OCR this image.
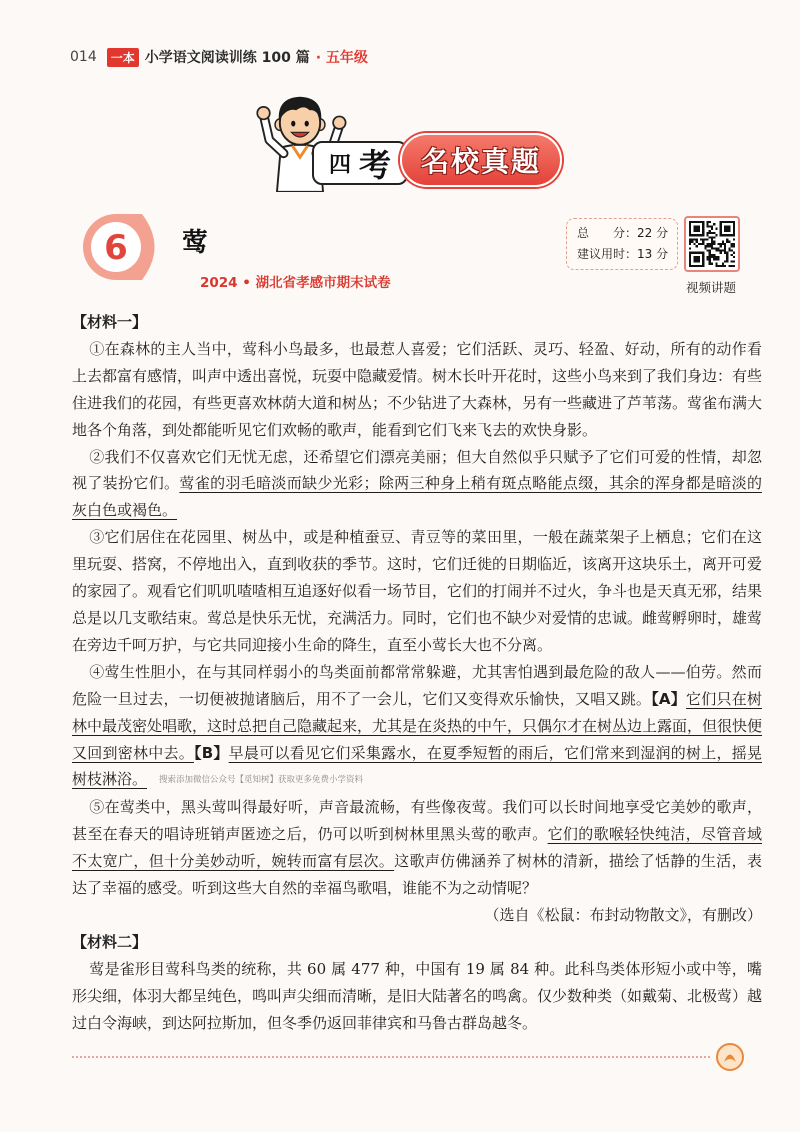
014	一本 小学语文阅读训练 100 篇 · 五年级
四 考	名校真题
6 莺
2024 • 湖北省孝感市期末试卷
总　　分：22 分
建议用时：13 分
视频讲题

【材料一】

①在森林的主人当中，莺科小鸟最多，也最惹人喜爱；它们活跃、灵巧、轻盈、好动，所有的动作看上去都富有感情，叫声中透出喜悦，玩耍中隐藏爱情。树木长叶开花时，这些小鸟来到了我们身边：有些住进我们的花园，有些更喜欢林荫大道和树丛；不少钻进了大森林，另有一些藏进了芦苇荡。莺雀布满大地各个角落，到处都能听见它们欢畅的歌声，能看到它们飞来飞去的欢快身影。

②我们不仅喜欢它们无忧无虑，还希望它们漂亮美丽；但大自然似乎只赋予了它们可爱的性情，却忽视了装扮它们。莺雀的羽毛暗淡而缺少光彩；除两三种身上稍有斑点略能点缀，其余的浑身都是暗淡的灰白色或褐色。

③它们居住在花园里、树丛中，或是种植蚕豆、青豆等的菜田里，一般在蔬菜架子上栖息；它们在这里玩耍、搭窝，不停地出入，直到收获的季节。这时，它们迁徙的日期临近，该离开这块乐土，离开可爱的家园了。观看它们叽叽喳喳相互追逐好似看一场节目，它们的打闹并不过火，争斗也是天真无邪，结果总是以几支歌结束。莺总是快乐无忧，充满活力。同时，它们也不缺少对爱情的忠诚。雌莺孵卵时，雄莺在旁边千呵万护，与它共同迎接小生命的降生，直至小莺长大也不分离。

④莺生性胆小，在与其同样弱小的鸟类面前都常常躲避，尤其害怕遇到最危险的敌人——伯劳。然而危险一旦过去，一切便被抛诸脑后，用不了一会儿，它们又变得欢乐愉快，又唱又跳。【A】它们只在树林中最茂密处唱歌，这时总把自己隐藏起来，尤其是在炎热的中午，只偶尔才在树丛边上露面，但很快便又回到密林中去。【B】早晨可以看见它们采集露水，在夏季短暂的雨后，它们常来到湿润的树上，摇晃树枝淋浴。 搜索添加微信公众号【觅知树】获取更多免费小学资料

⑤在莺类中，黑头莺叫得最好听，声音最流畅，有些像夜莺。我们可以长时间地享受它美妙的歌声，甚至在春天的唱诗班销声匿迹之后，仍可以听到树林里黑头莺的歌声。它们的歌喉轻快纯洁，尽管音域不太宽广，但十分美妙动听，婉转而富有层次。这歌声仿佛涵养了树林的清新，描绘了恬静的生活，表达了幸福的感受。听到这些大自然的幸福鸟歌唱，谁能不为之动情呢？

（选自《松鼠：布封动物散文》，有删改）

【材料二】

莺是雀形目莺科鸟类的统称，共 60 属 477 种，中国有 19 属 84 种。此科鸟类体形短小或中等，嘴形尖细，体羽大都呈纯色，鸣叫声尖细而清晰，是旧大陆著名的鸣禽。仅少数种类（如戴菊、北极莺）越过白令海峡，到达阿拉斯加，但冬季仍返回菲律宾和马鲁古群岛越冬。
